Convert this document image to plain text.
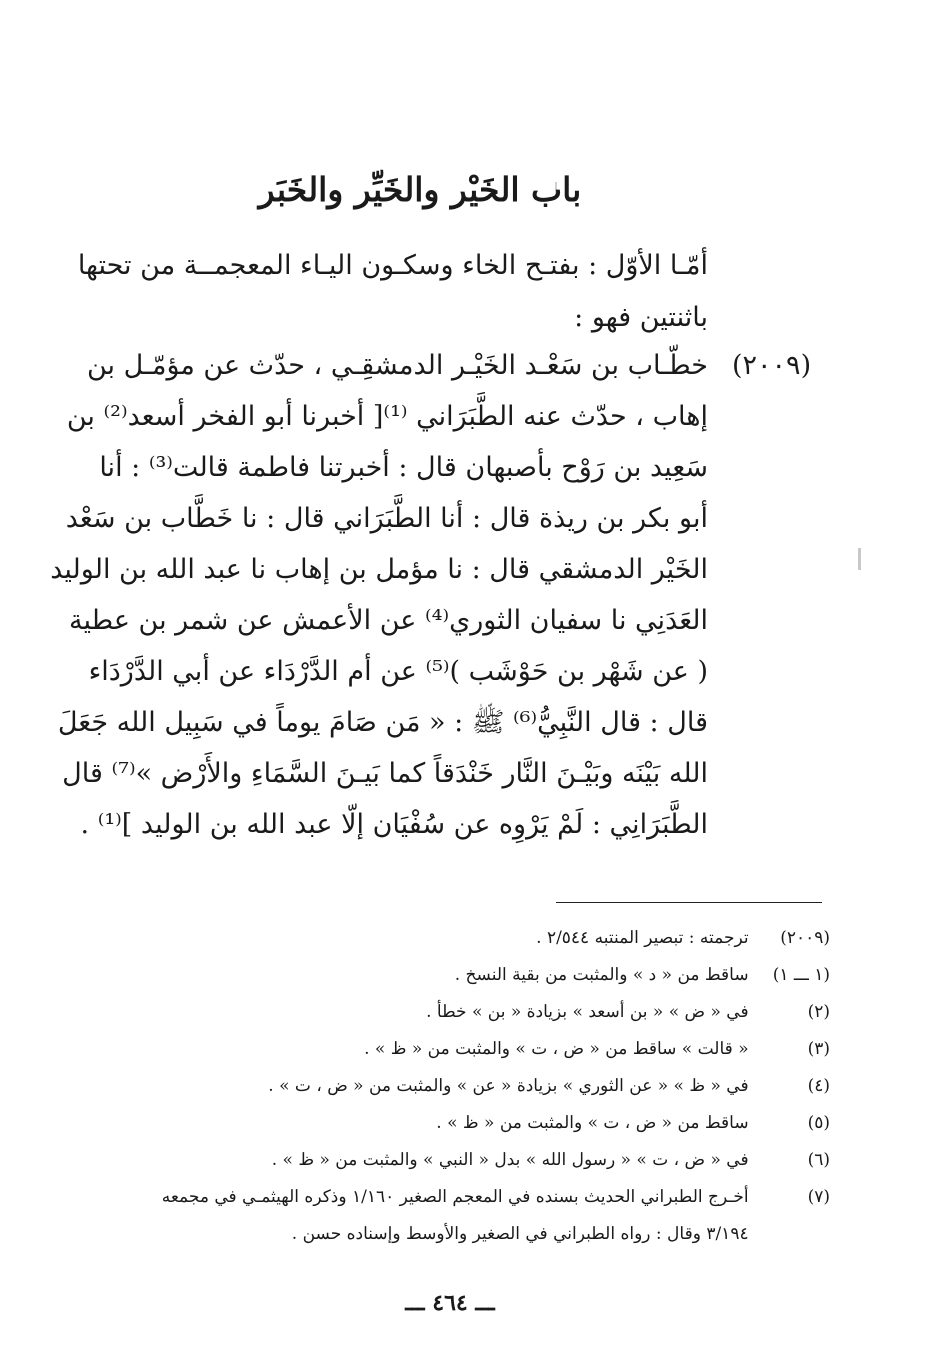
باب الخَيْر والخَيِّر والخَبَر
أمّـا الأوّل : بفتـح الخاء وسكـون اليـاء المعجمــة من تحتها
باثنتين فهو :
(٢٠٠٩)
خطّـاب بن سَعْـد الخَيْـر الدمشقِـي ، حدّث عن مؤمّـل بن
إهاب ، حدّث عنه الطَّبَرَاني ⁽¹⁾[ أخبرنا أبو الفخر أسعد⁽²⁾ بن
سَعِيد بن رَوْح بأصبهان قال : أخبرتنا فاطمة قالت⁽³⁾ : أنا
أبو بكر بن ريذة قال : أنا الطَّبَرَاني قال : نا خَطَّاب بن سَعْد
الخَيْر الدمشقي قال : نا مؤمل بن إهاب نا عبد الله بن الوليد
العَدَنِي نا سفيان الثوري⁽⁴⁾ عن الأعمش عن شمر بن عطية
( عن شَهْر بن حَوْشَب )⁽⁵⁾ عن أم الدَّرْدَاء عن أبي الدَّرْدَاء
قال : قال النَّبِيُّ⁽⁶⁾ ﷺ : « مَن صَامَ يوماً في سَبِيل الله جَعَلَ
الله بَيْنَه وبَيْـنَ النَّار خَنْدَقاً كما بَيـنَ السَّمَاءِ والأَرْض »⁽⁷⁾ قال
الطَّبَرَانِي : لَمْ يَرْوِه عن سُفْيَان إلّا عبد الله بن الوليد ]⁽¹⁾ .
(٢٠٠٩) ترجمته : تبصير المنتبه ٢/٥٤٤ .
(١ ـــ ١) ساقط من « د » والمثبت من بقية النسخ .
(٢) في « ض » « بن أسعد » بزيادة « بن » خطأ .
(٣) « قالت » ساقط من « ض ، ت » والمثبت من « ظ » .
(٤) في « ظ » « عن الثوري » بزيادة « عن » والمثبت من « ض ، ت » .
(٥) ساقط من « ض ، ت » والمثبت من « ظ » .
(٦) في « ض ، ت » « رسول الله » بدل « النبي » والمثبت من « ظ » .
(٧) أخـرج الطبراني الحديث بسنده في المعجم الصغير ١/١٦٠ وذكره الهيثمـي في مجمعه
٣/١٩٤ وقال : رواه الطبراني في الصغير والأوسط وإسناده حسن .
ـــ ٤٦٤ ـــ
